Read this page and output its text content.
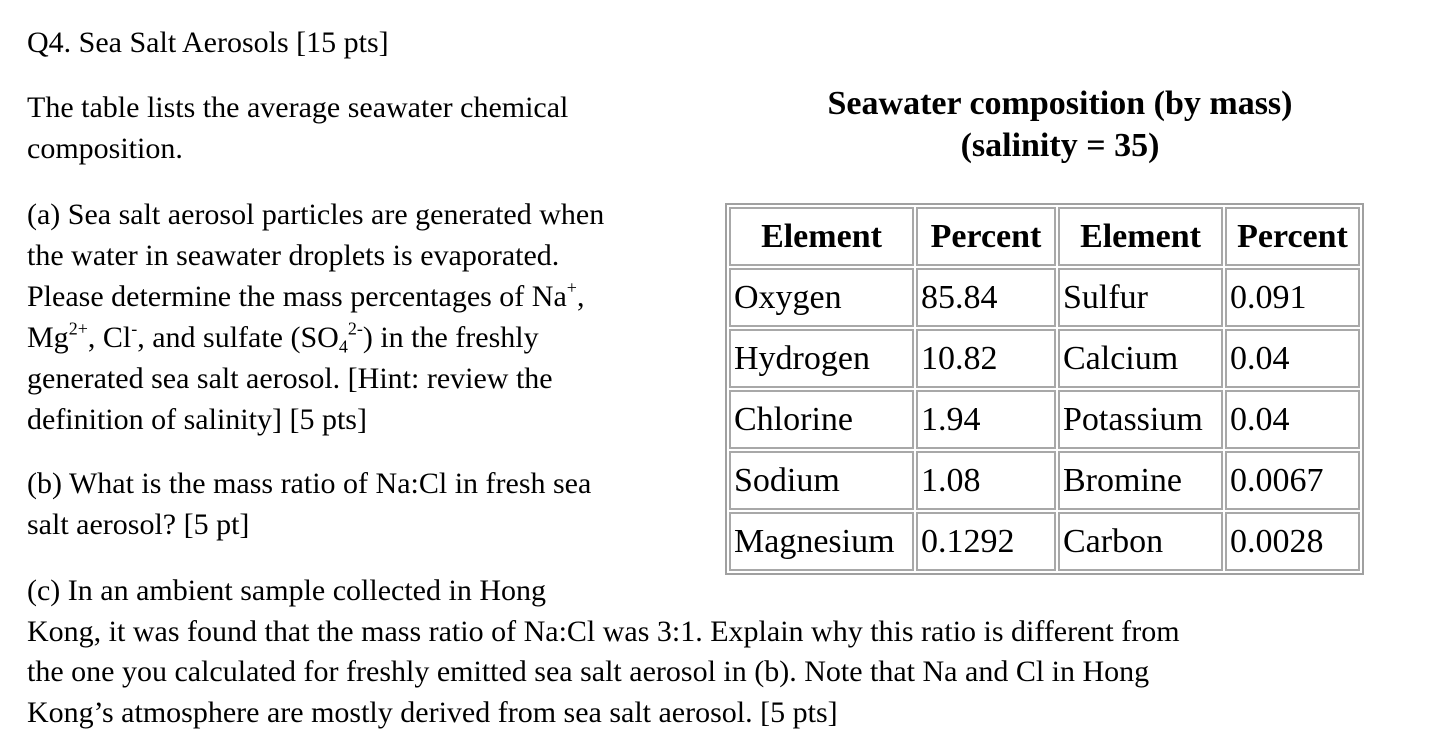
Q4. Sea Salt Aerosols [15 pts]

The table lists the average seawater chemical

composition.

(a) Sea salt aerosol particles are generated when

the water in seawater droplets is evaporated.

Please determine the mass percentages of Na+,

$Mg^{2+}$, Cl-, and sulfate $(SO_4^{2-})$ in the freshly

generated sea salt aerosol. [Hint: review the

definition of salinity] [5 pts]

(b) What is the mass ratio of Na:Cl in fresh sea

salt aerosol? [5 pt]

(c) In an ambient sample collected in Hong

Kong, it was found that the mass ratio of Na:Cl was 3:1. Explain why this ratio is different from

the one you calculated for freshly emitted sea salt aerosol in (b). Note that Na and Cl in Hong

Kong’s atmosphere are mostly derived from sea salt aerosol. [5 pts]

Seawater composition (by mass)
(salinity = 35)
Element	Percent	Element	Percent
Oxygen	85.84	Sulfur	0.091
Hydrogen	10.82	Calcium	0.04
Chlorine	1.94	Potassium	0.04
Sodium	1.08	Bromine	0.0067
Magnesium	0.1292	Carbon	0.0028
